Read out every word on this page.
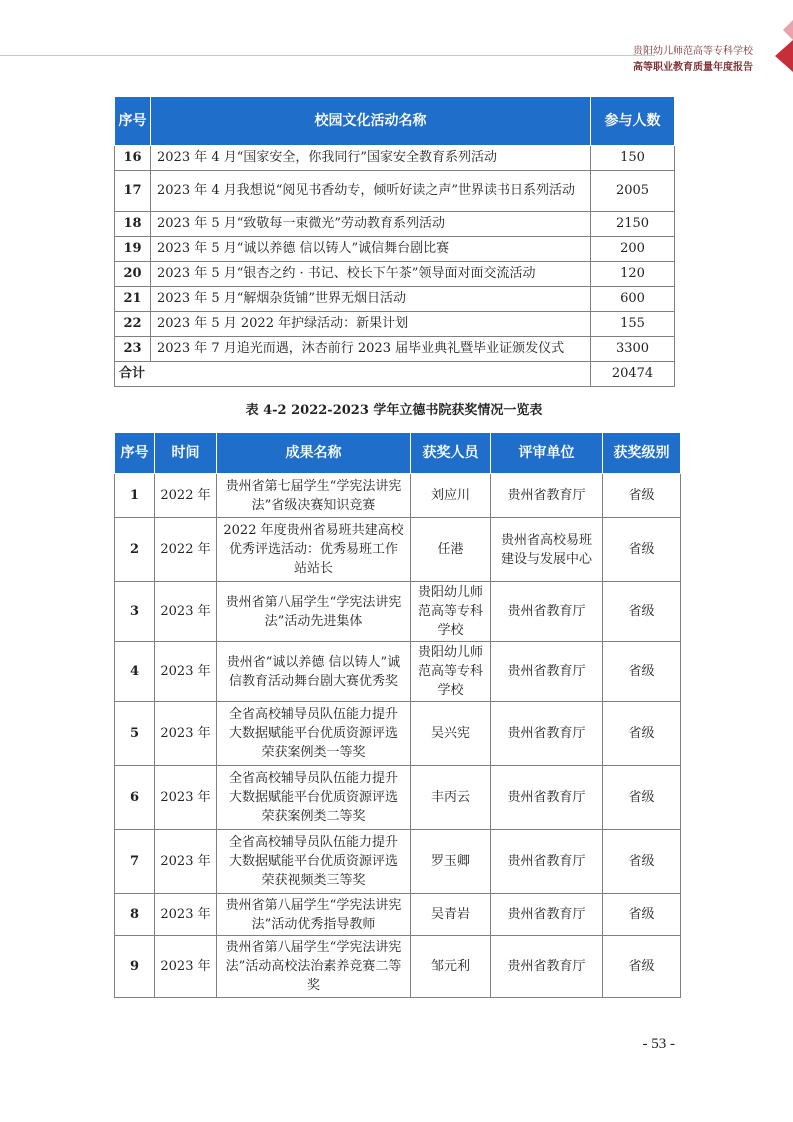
贵阳幼儿师范高等专科学校
高等职业教育质量年度报告
序号	校园文化活动名称	参与人数
16	2023 年 4 月“国家安全，你我同行”国家安全教育系列活动	150
17	2023 年 4 月我想说“阅见书香幼专，倾听好读之声”世界读书日系列活动	2005
18	2023 年 5 月“致敬每一束微光”劳动教育系列活动	2150
19	2023 年 5 月“诚以养德 信以铸人”诚信舞台剧比赛	200
20	2023 年 5 月“银杏之约 · 书记、校长下午茶”领导面对面交流活动	120
21	2023 年 5 月“解烟杂货铺”世界无烟日活动	600
22	2023 年 5 月 2022 年护绿活动：新果计划	155
23	2023 年 7 月追光而遇，沐杏前行 2023 届毕业典礼暨毕业证颁发仪式	3300
合计		20474
表 4-2 2022-2023 学年立德书院获奖情况一览表
序号	时间	成果名称	获奖人员	评审单位	获奖级别
1	2022 年	贵州省第七届学生“学宪法讲宪法”省级决赛知识竞赛	刘应川	贵州省教育厅	省级
2	2022 年	2022 年度贵州省易班共建高校优秀评选活动：优秀易班工作站站长	任港	贵州省高校易班建设与发展中心	省级
3	2023 年	贵州省第八届学生“学宪法讲宪法”活动先进集体	贵阳幼儿师范高等专科学校	贵州省教育厅	省级
4	2023 年	贵州省“诚以养德 信以铸人”诚信教育活动舞台剧大赛优秀奖	贵阳幼儿师范高等专科学校	贵州省教育厅	省级
5	2023 年	全省高校辅导员队伍能力提升大数据赋能平台优质资源评选荣获案例类一等奖	吴兴宪	贵州省教育厅	省级
6	2023 年	全省高校辅导员队伍能力提升大数据赋能平台优质资源评选荣获案例类二等奖	丰丙云	贵州省教育厅	省级
7	2023 年	全省高校辅导员队伍能力提升大数据赋能平台优质资源评选荣获视频类三等奖	罗玉卿	贵州省教育厅	省级
8	2023 年	贵州省第八届学生“学宪法讲宪法”活动优秀指导教师	吴青岩	贵州省教育厅	省级
9	2023 年	贵州省第八届学生“学宪法讲宪法”活动高校法治素养竞赛二等奖	邹元利	贵州省教育厅	省级
- 53 -
